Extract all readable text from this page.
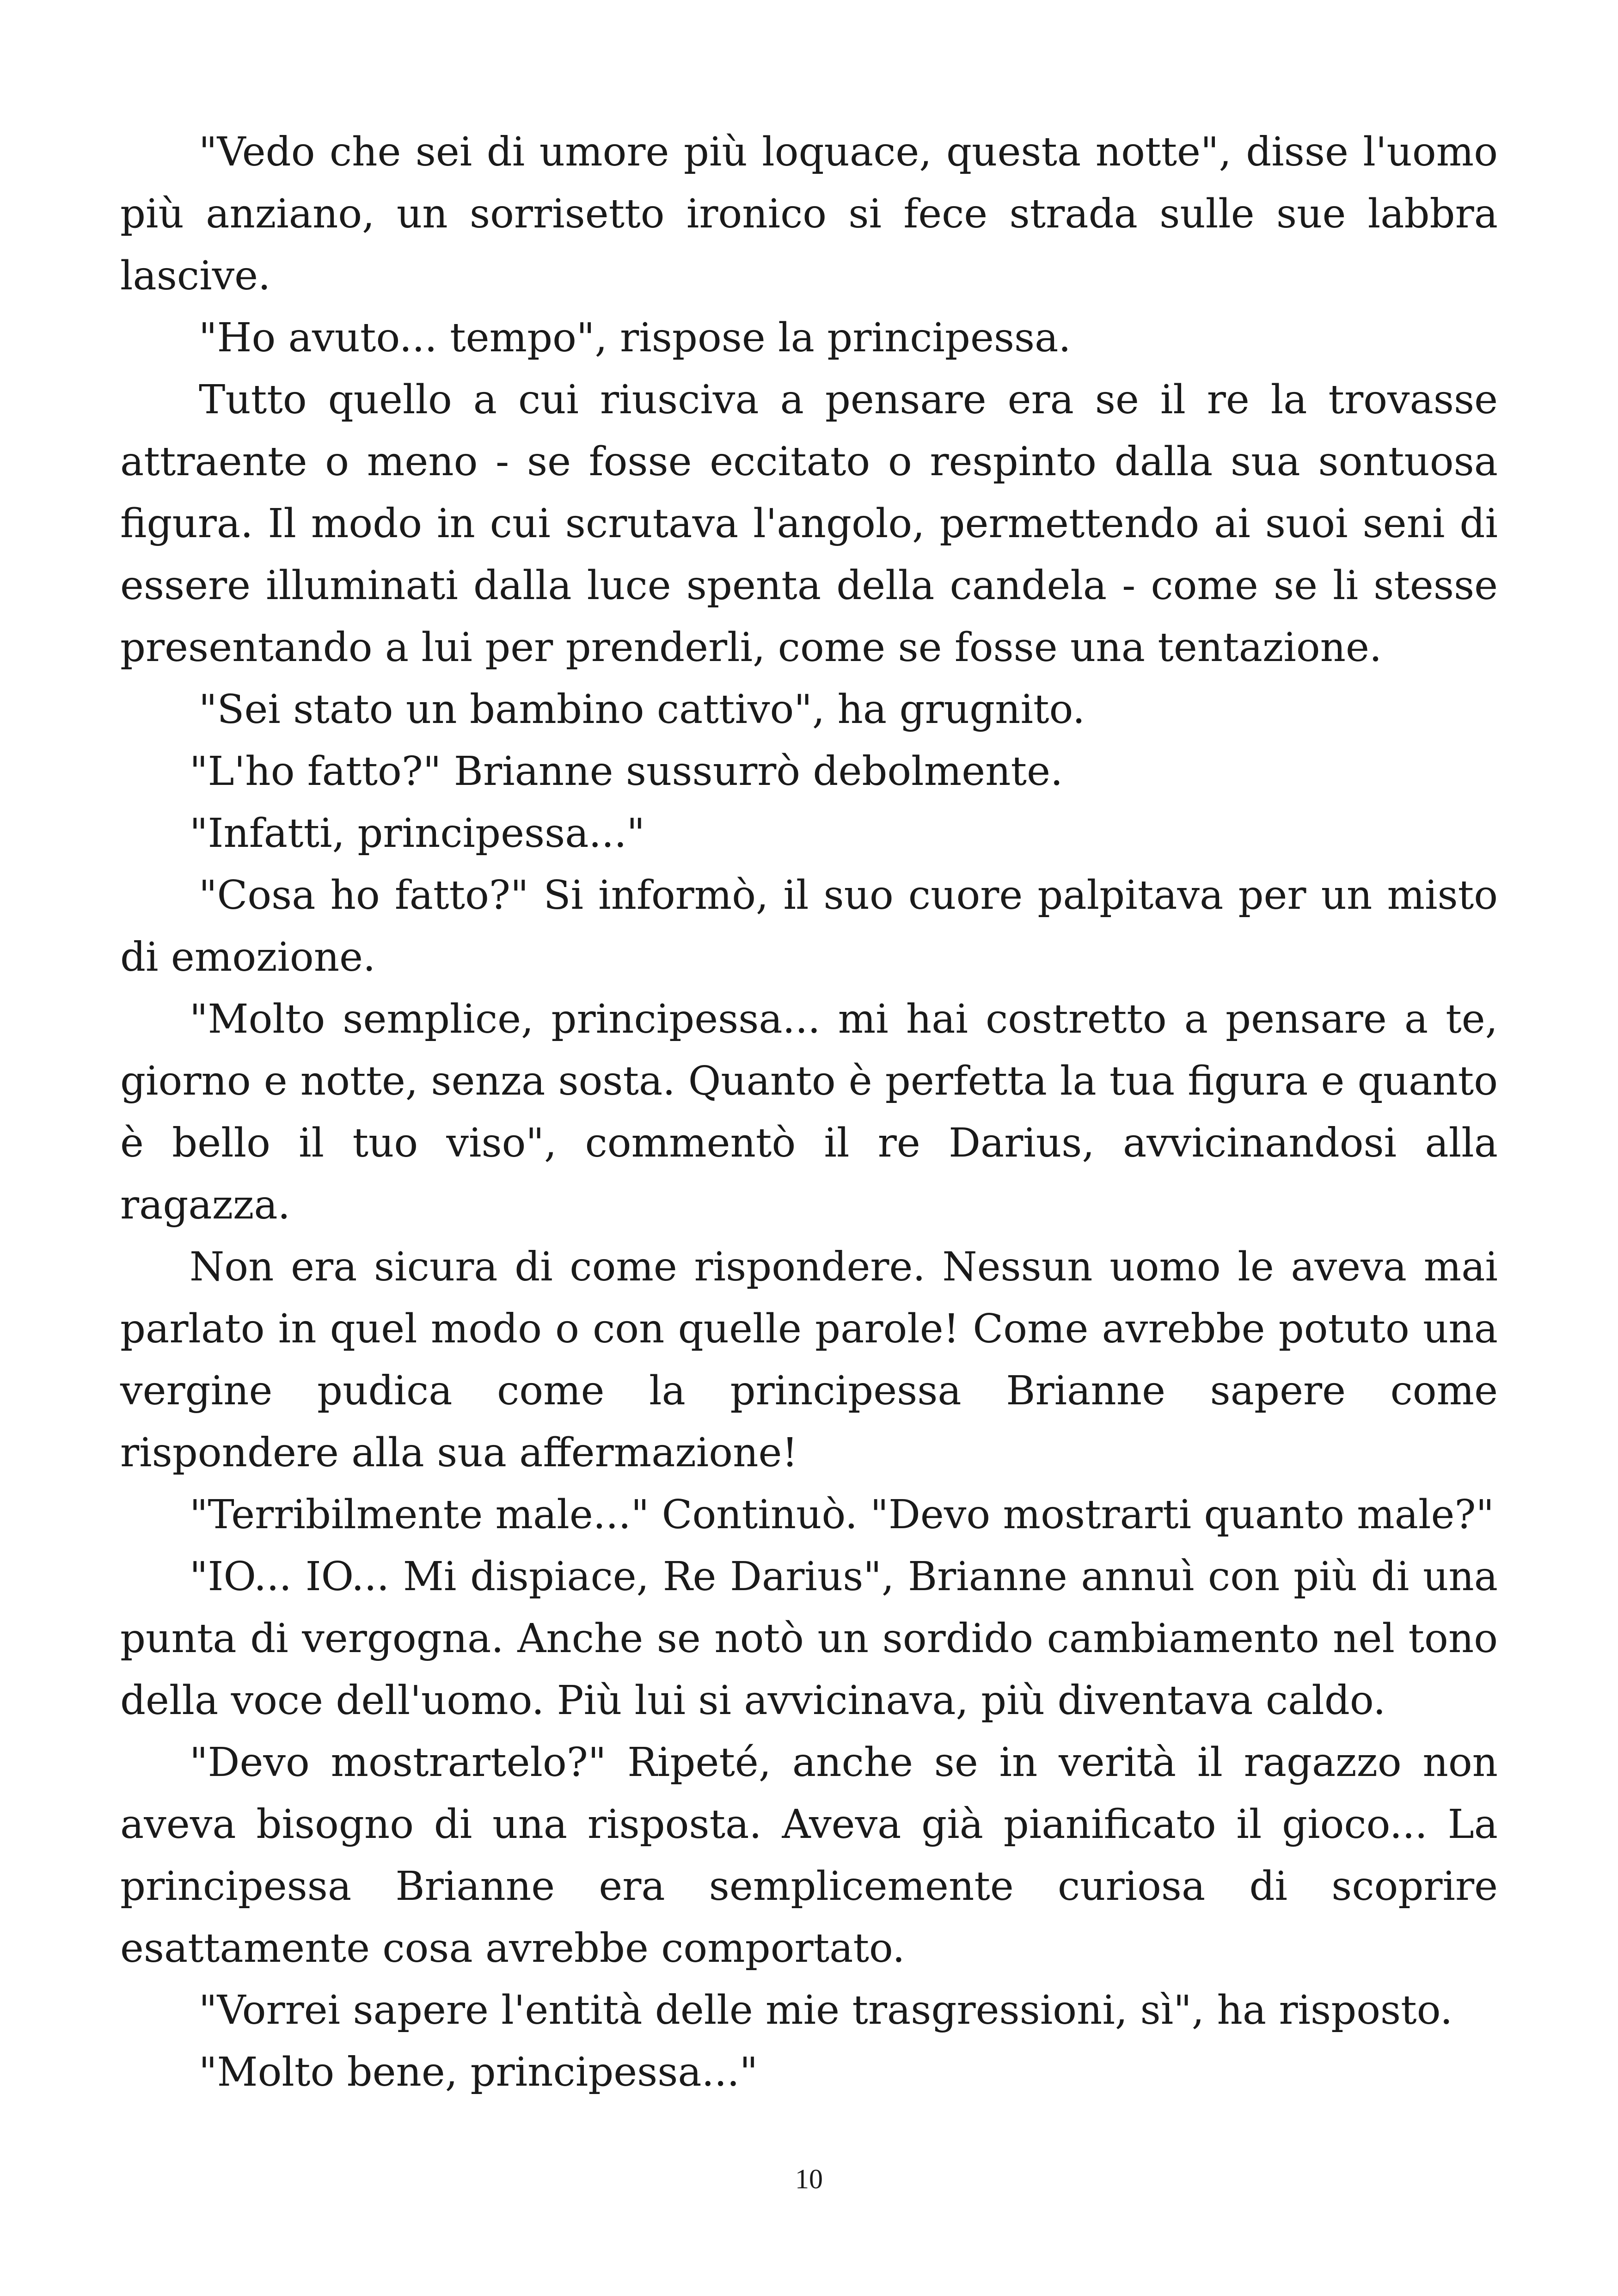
"Vedo che sei di umore più loquace, questa notte", disse l'uomo più anziano, un sorrisetto ironico si fece strada sulle sue labbra lascive.

"Ho avuto... tempo", rispose la principessa.

Tutto quello a cui riusciva a pensare era se il re la trovasse attraente o meno - se fosse eccitato o respinto dalla sua sontuosa figura. Il modo in cui scrutava l'angolo, permettendo ai suoi seni di essere illuminati dalla luce spenta della candela - come se li stesse presentando a lui per prenderli, come se fosse una tentazione.

"Sei stato un bambino cattivo", ha grugnito.

"L'ho fatto?" Brianne sussurrò debolmente.

"Infatti, principessa..."

"Cosa ho fatto?" Si informò, il suo cuore palpitava per un misto di emozione.

"Molto semplice, principessa... mi hai costretto a pensare a te, giorno e notte, senza sosta. Quanto è perfetta la tua figura e quanto è bello il tuo viso", commentò il re Darius, avvicinandosi alla ragazza.

Non era sicura di come rispondere. Nessun uomo le aveva mai parlato in quel modo o con quelle parole! Come avrebbe potuto una vergine pudica come la principessa Brianne sapere come rispondere alla sua affermazione!

"Terribilmente male..." Continuò. "Devo mostrarti quanto male?"

"IO... IO... Mi dispiace, Re Darius", Brianne annuì con più di una punta di vergogna. Anche se notò un sordido cambiamento nel tono della voce dell'uomo. Più lui si avvicinava, più diventava caldo.

"Devo mostrartelo?" Ripeté, anche se in verità il ragazzo non aveva bisogno di una risposta. Aveva già pianificato il gioco... La principessa Brianne era semplicemente curiosa di scoprire esattamente cosa avrebbe comportato.

"Vorrei sapere l'entità delle mie trasgressioni, sì", ha risposto.

"Molto bene, principessa..."

10
